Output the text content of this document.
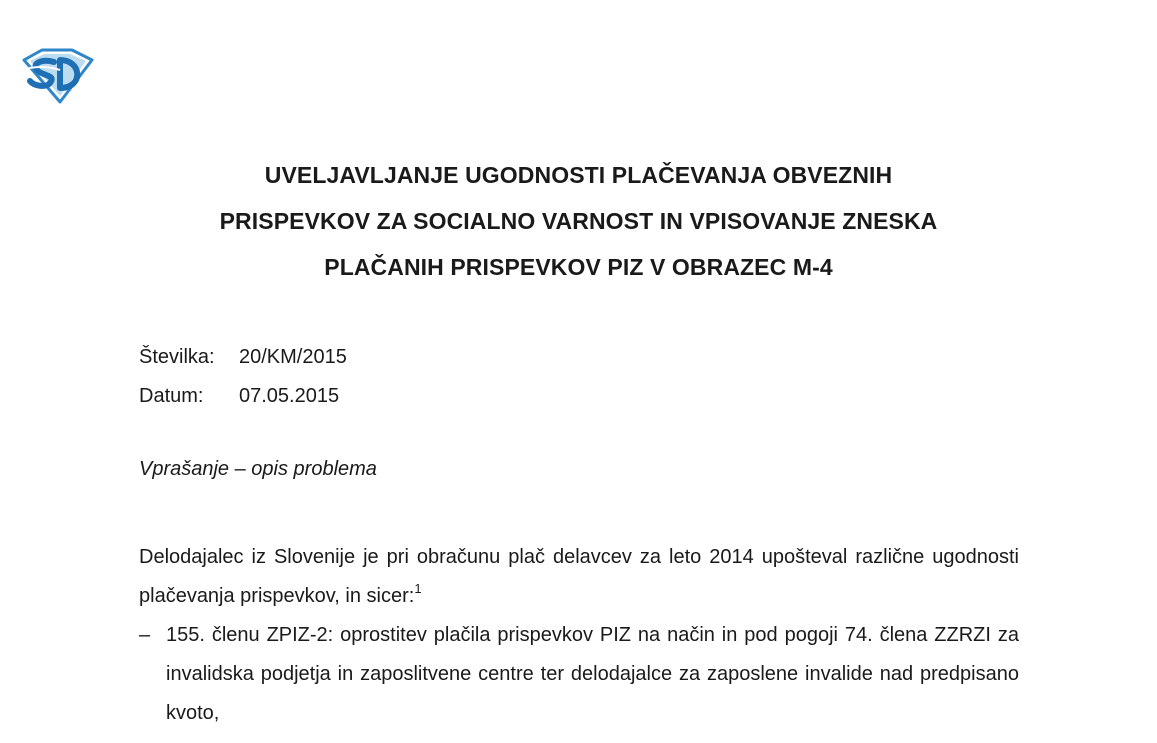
UVELJAVLJANJE UGODNOSTI PLAČEVANJA OBVEZNIH
PRISPEVKOV ZA SOCIALNO VARNOST IN VPISOVANJE ZNESKA
PLAČANIH PRISPEVKOV PIZ V OBRAZEC M-4
Številka:	20/KM/2015
Datum:	07.05.2015
Vprašanje – opis problema
Delodajalec iz Slovenije je pri obračunu plač delavcev za leto 2014 upošteval različne ugodnosti plačevanja prispevkov, in sicer:$^1$
– 155. členu ZPIZ-2: oprostitev plačila prispevkov PIZ na način in pod pogoji 74. člena ZZRZI za invalidska podjetja in zaposlitvene centre ter delodajalce za zaposlene invalide nad predpisano kvoto,
